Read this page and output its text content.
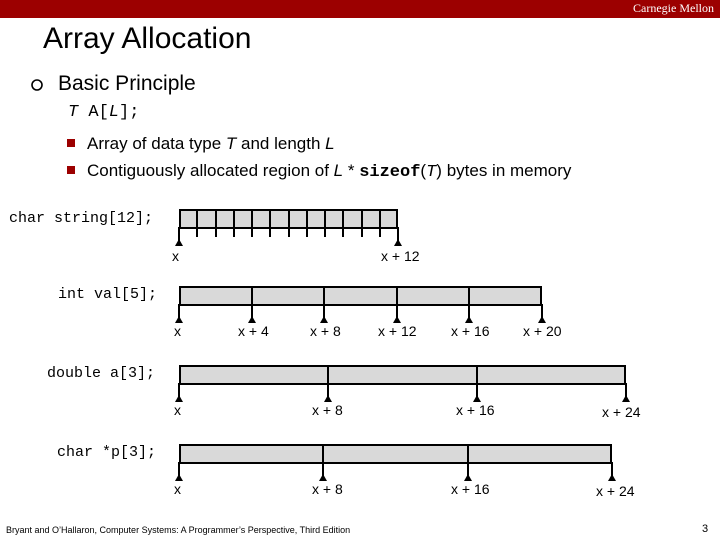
Carnegie Mellon
Array Allocation
Basic Principle
T A[L];
Array of data type T and length L
Contiguously allocated region of L * sizeof(T) bytes in memory
char string[12];
x	x + 12
int val[5];
x	x + 4	x + 8	x + 12 x + 16 x + 20
double a[3];
x	x + 8	x + 16	x + 24
char *p[3];
x	x + 8	x + 16	x + 24
Bryant and O’Hallaron, Computer Systems: A Programmer’s Perspective, Third Edition	3
